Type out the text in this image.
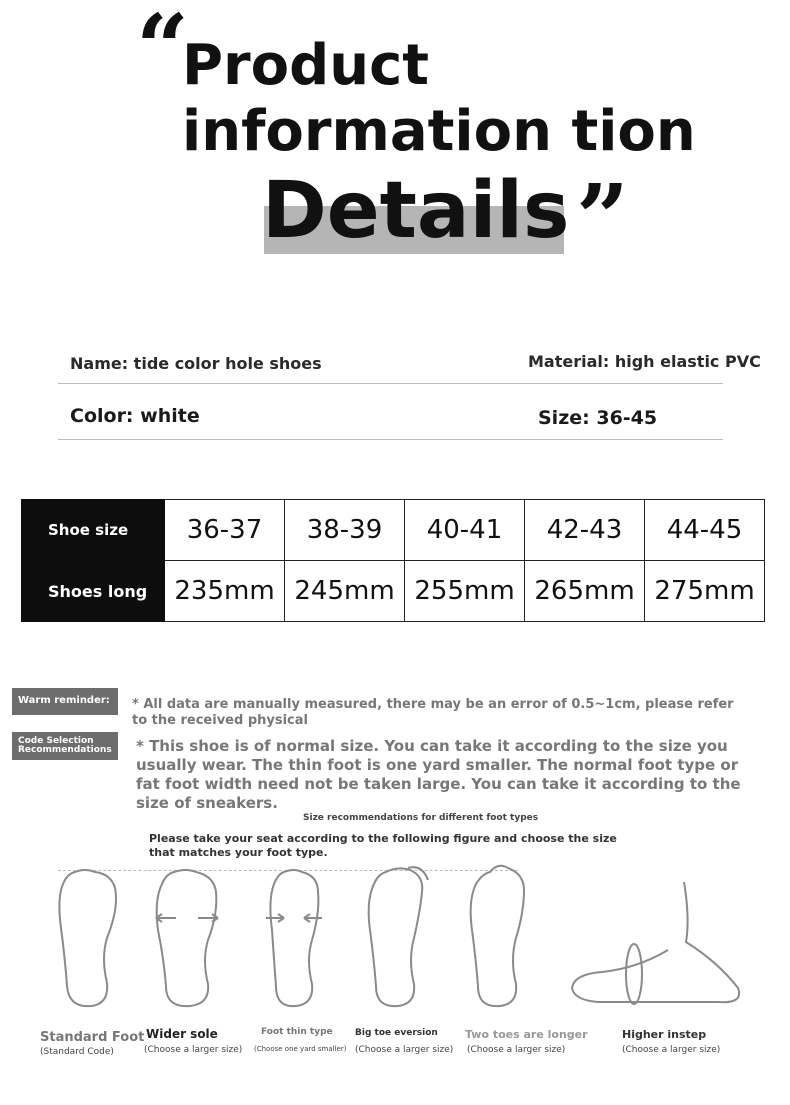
“ Product
information tion
Details ”
Name: tide color hole shoes	Material: high elastic PVC
Color: white	Size: 36-45
Shoe size	36-37	38-39	40-41	42-43	44-45
Shoes long	235mm	245mm	255mm	265mm	275mm
Warm reminder: * All data are manually measured, there may be an error of 0.5~1cm, please refer to the received physical
Code Selection
Recommendations * This shoe is of normal size. You can take it according to the size you usually wear. The thin foot is one yard smaller. The normal foot type or fat foot width need not be taken large. You can take it according to the size of sneakers.
Size recommendations for different foot types
Please take your seat according to the following figure and choose the size that matches your foot type.
Standard Foot
(Standard Code)
Wider sole
(Choose a larger size)
Foot thin type
(Choose one yard smaller)
Big toe eversion
(Choose a larger size)
Two toes are longer
(Choose a larger size)
Higher instep
(Choose a larger size)
